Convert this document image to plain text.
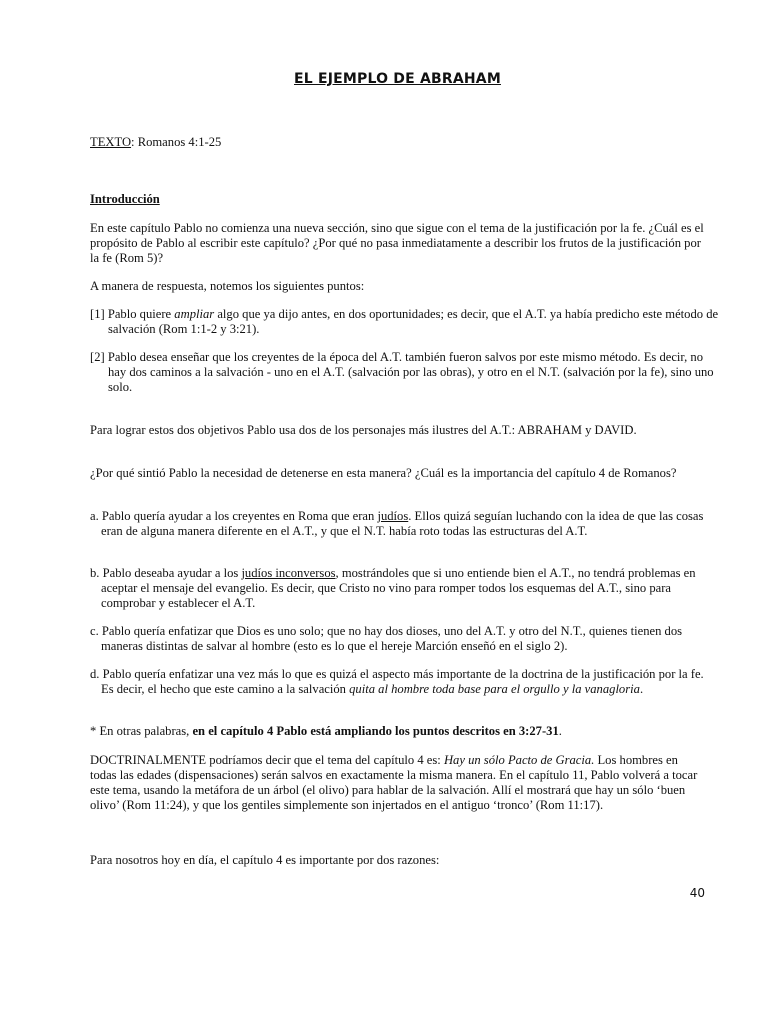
EL EJEMPLO DE ABRAHAM
TEXTO: Romanos 4:1-25
Introducción

En este capítulo Pablo no comienza una nueva sección, sino que sigue con el tema de la justificación por la fe. ¿Cuál es el propósito de Pablo al escribir este capítulo? ¿Por qué no pasa inmediatamente a describir los frutos de la justificación por la fe (Rom 5)?

A manera de respuesta, notemos los siguientes puntos:

[1] Pablo quiere ampliar algo que ya dijo antes, en dos oportunidades; es decir, que el A.T. ya había predicho este método de salvación (Rom 1:1-2 y 3:21).

[2] Pablo desea enseñar que los creyentes de la época del A.T. también fueron salvos por este mismo método. Es decir, no hay dos caminos a la salvación - uno en el A.T. (salvación por las obras), y otro en el N.T. (salvación por la fe), sino uno solo.

Para lograr estos dos objetivos Pablo usa dos de los personajes más ilustres del A.T.: ABRAHAM y DAVID.

¿Por qué sintió Pablo la necesidad de detenerse en esta manera? ¿Cuál es la importancia del capítulo 4 de Romanos?

a. Pablo quería ayudar a los creyentes en Roma que eran judíos. Ellos quizá seguían luchando con la idea de que las cosas eran de alguna manera diferente en el A.T., y que el N.T. había roto todas las estructuras del A.T.

b. Pablo deseaba ayudar a los judíos inconversos, mostrándoles que si uno entiende bien el A.T., no tendrá problemas en aceptar el mensaje del evangelio. Es decir, que Cristo no vino para romper todos los esquemas del A.T., sino para comprobar y establecer el A.T.

c. Pablo quería enfatizar que Dios es uno solo; que no hay dos dioses, uno del A.T. y otro del N.T., quienes tienen dos maneras distintas de salvar al hombre (esto es lo que el hereje Marción enseñó en el siglo 2).

d. Pablo quería enfatizar una vez más lo que es quizá el aspecto más importante de la doctrina de la justificación por la fe. Es decir, el hecho que este camino a la salvación quita al hombre toda base para el orgullo y la vanagloria.

* En otras palabras, en el capítulo 4 Pablo está ampliando los puntos descritos en 3:27-31.

DOCTRINALMENTE podríamos decir que el tema del capítulo 4 es: Hay un sólo Pacto de Gracia. Los hombres en todas las edades (dispensaciones) serán salvos en exactamente la misma manera. En el capítulo 11, Pablo volverá a tocar este tema, usando la metáfora de un árbol (el olivo) para hablar de la salvación. Allí el mostrará que hay un sólo ‘buen olivo’ (Rom 11:24), y que los gentiles simplemente son injertados en el antiguo ‘tronco’ (Rom 11:17).

Para nosotros hoy en día, el capítulo 4 es importante por dos razones:

40
